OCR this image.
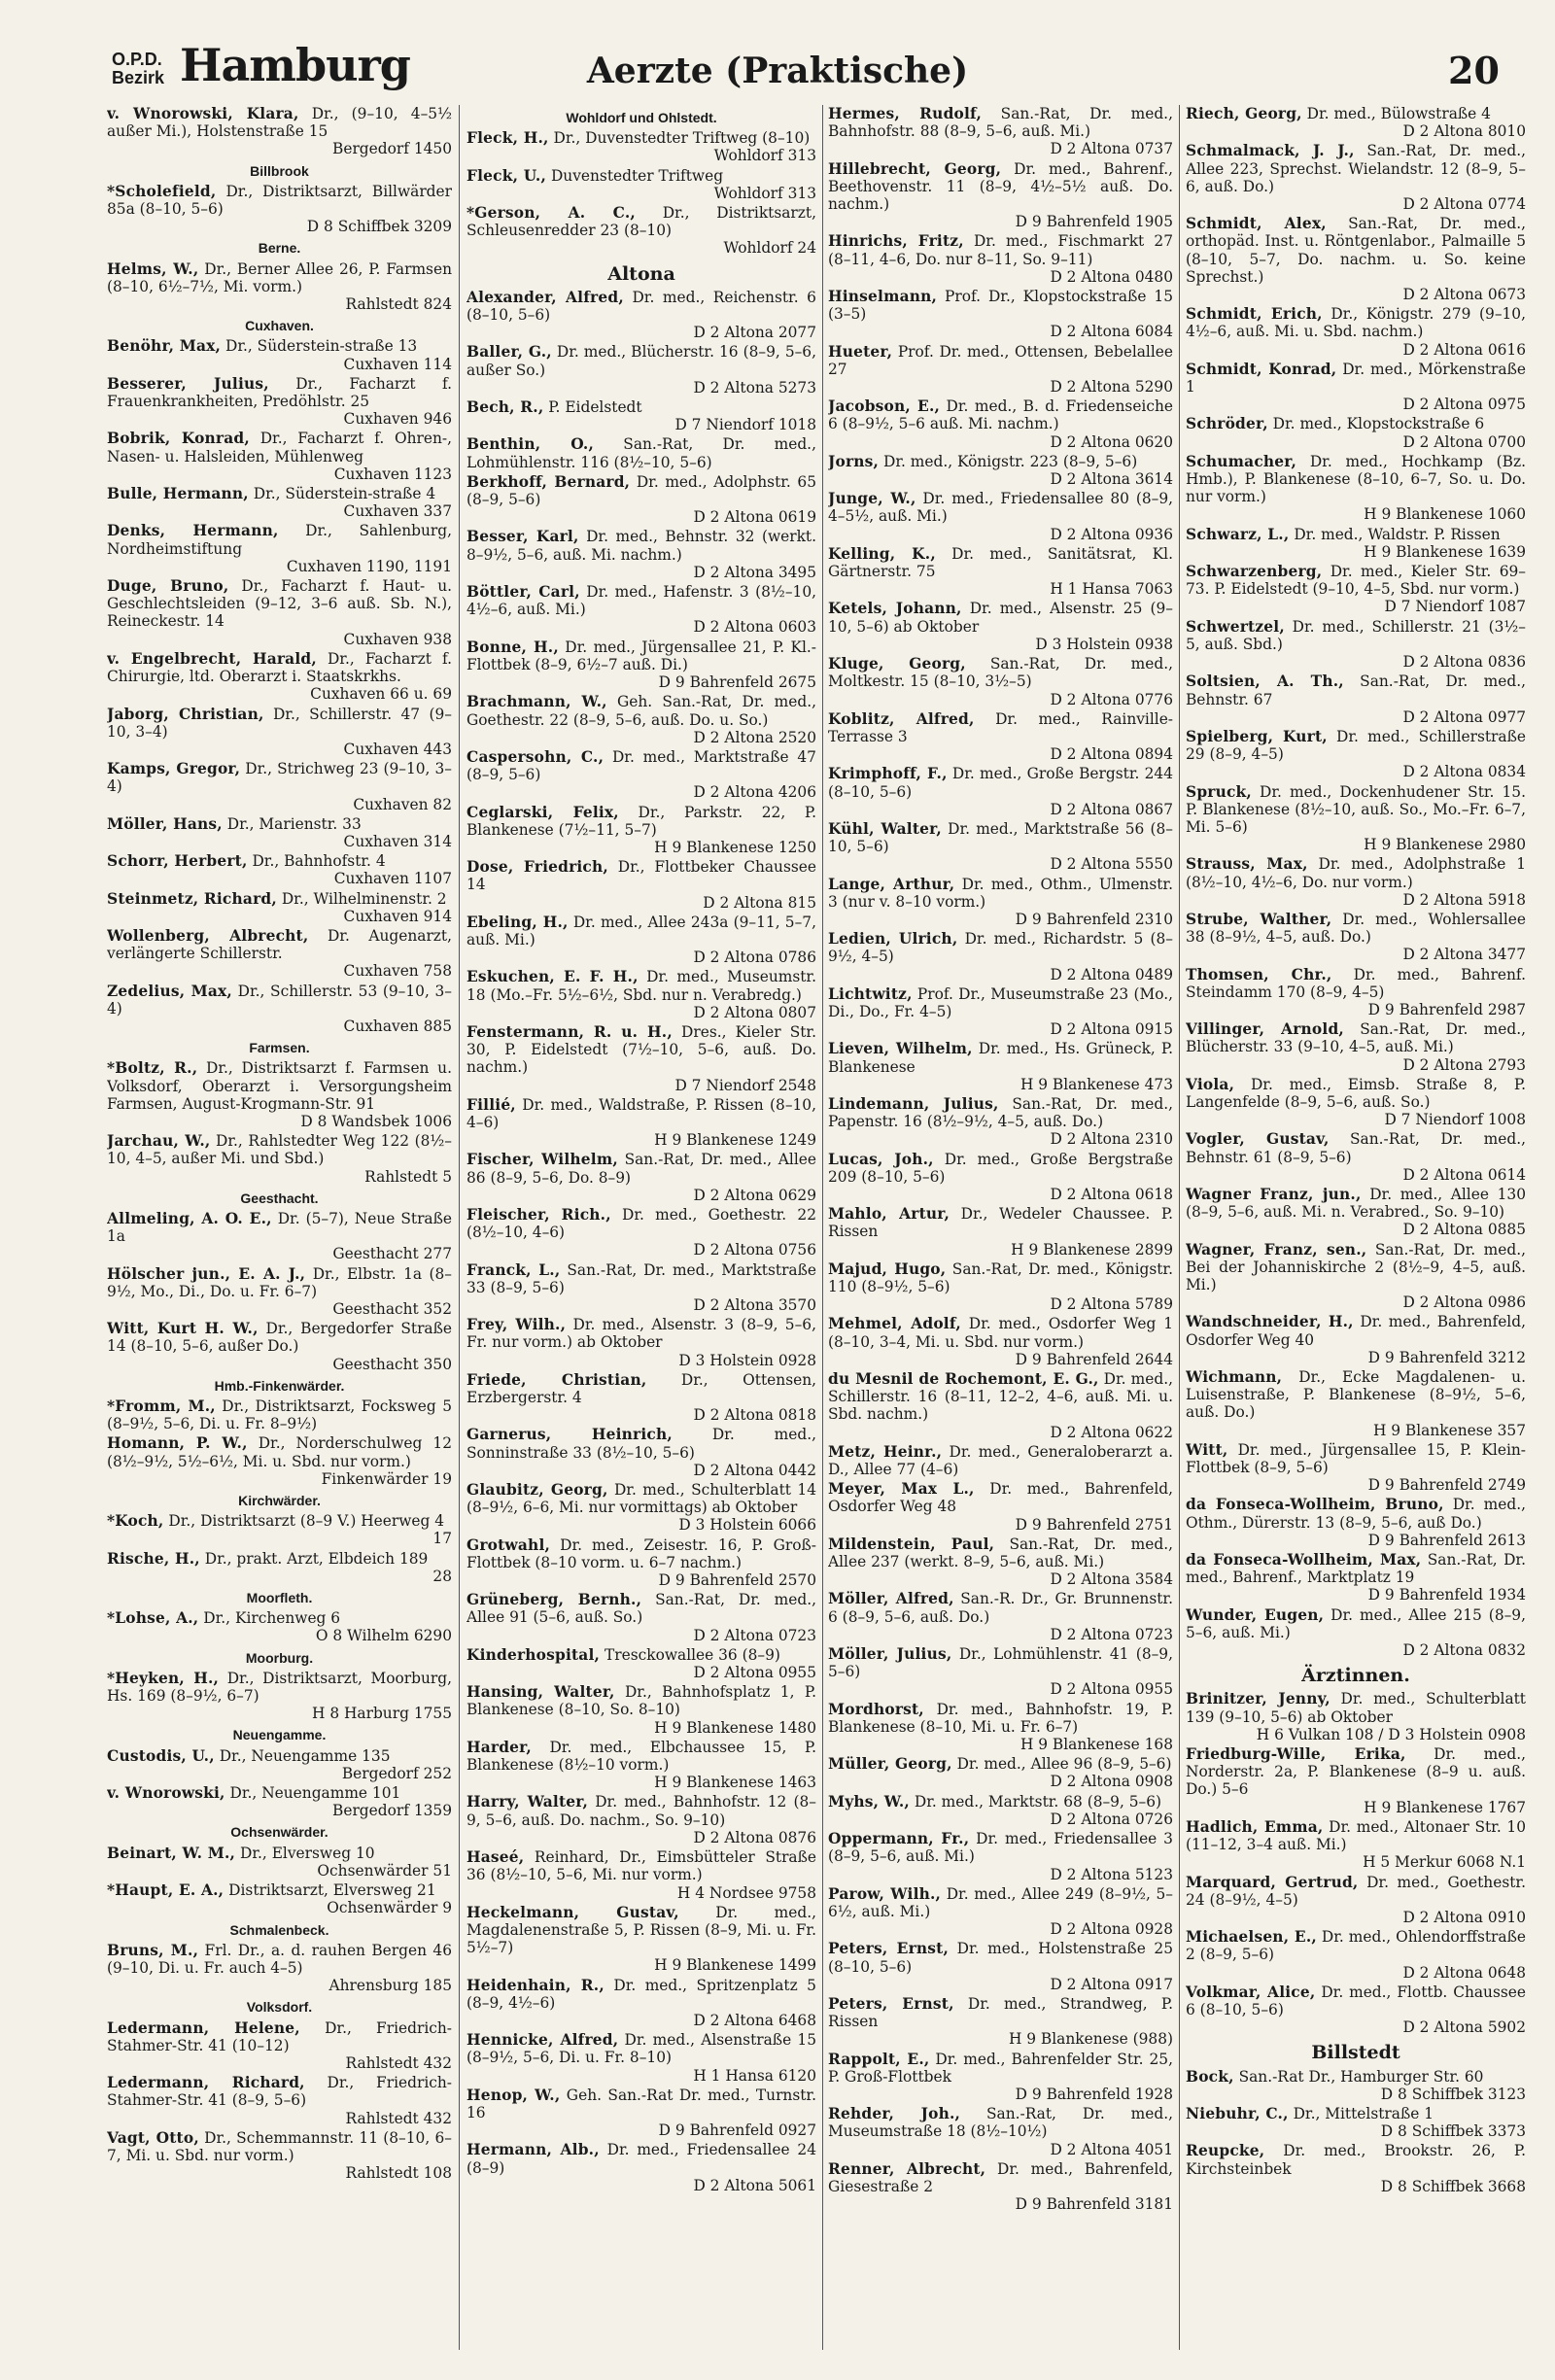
O.P.D.
Bezirk Hamburg	Aerzte (Praktische)	20
v. Wnorowski, Klara, Dr., (9–10, 4–5½ außer Mi.), Holstenstraße 15
Bergedorf 1450
Billbrook
*Scholefield, Dr., Distriktsarzt, Billwärder 85a (8–10, 5–6)
D 8 Schiffbek 3209
Berne.
Helms, W., Dr., Berner Allee 26, P. Farmsen (8–10, 6½–7½, Mi. vorm.)
Rahlstedt 824
Cuxhaven.
Benöhr, Max, Dr., Süderstein-straße 13
Cuxhaven 114
Besserer, Julius, Dr., Facharzt f. Frauenkrankheiten, Predöhlstr. 25
Cuxhaven 946
Bobrik, Konrad, Dr., Facharzt f. Ohren-, Nasen- u. Halsleiden, Mühlenweg
Cuxhaven 1123
Bulle, Hermann, Dr., Süderstein-straße 4
Cuxhaven 337
Denks, Hermann, Dr., Sahlenburg, Nordheimstiftung
Cuxhaven 1190, 1191
Duge, Bruno, Dr., Facharzt f. Haut- u. Geschlechtsleiden (9–12, 3–6 auß. Sb. N.), Reineckestr. 14
Cuxhaven 938
v. Engelbrecht, Harald, Dr., Facharzt f. Chirurgie, ltd. Oberarzt i. Staatskrkhs.
Cuxhaven 66 u. 69
Jaborg, Christian, Dr., Schillerstr. 47 (9–10, 3–4)
Cuxhaven 443
Kamps, Gregor, Dr., Strichweg 23 (9–10, 3–4)
Cuxhaven 82
Möller, Hans, Dr., Marienstr. 33
Cuxhaven 314
Schorr, Herbert, Dr., Bahnhofstr. 4
Cuxhaven 1107
Steinmetz, Richard, Dr., Wilhelminenstr. 2
Cuxhaven 914
Wollenberg, Albrecht, Dr. Augenarzt, verlängerte Schillerstr.
Cuxhaven 758
Zedelius, Max, Dr., Schillerstr. 53 (9–10, 3–4)
Cuxhaven 885
Farmsen.
*Boltz, R., Dr., Distriktsarzt f. Farmsen u. Volksdorf, Oberarzt i. Versorgungsheim Farmsen, August-Krogmann-Str. 91
D 8 Wandsbek 1006
Jarchau, W., Dr., Rahlstedter Weg 122 (8½–10, 4–5, außer Mi. und Sbd.)
Rahlstedt 5
Geesthacht.
Allmeling, A. O. E., Dr. (5–7), Neue Straße 1a
Geesthacht 277
Hölscher jun., E. A. J., Dr., Elbstr. 1a (8–9½, Mo., Di., Do. u. Fr. 6–7)
Geesthacht 352
Witt, Kurt H. W., Dr., Bergedorfer Straße 14 (8–10, 5–6, außer Do.)
Geesthacht 350
Hmb.-Finkenwärder.
*Fromm, M., Dr., Distriktsarzt, Focksweg 5 (8–9½, 5–6, Di. u. Fr. 8–9½)
Homann, P. W., Dr., Norderschulweg 12 (8½–9½, 5½–6½, Mi. u. Sbd. nur vorm.)
Finkenwärder 19
Kirchwärder.
*Koch, Dr., Distriktsarzt (8–9 V.) Heerweg 4
17
Rische, H., Dr., prakt. Arzt, Elbdeich 189
28
Moorfleth.
*Lohse, A., Dr., Kirchenweg 6
O 8 Wilhelm 6290
Moorburg.
*Heyken, H., Dr., Distriktsarzt, Moorburg, Hs. 169 (8–9½, 6–7)
H 8 Harburg 1755
Neuengamme.
Custodis, U., Dr., Neuengamme 135
Bergedorf 252
v. Wnorowski, Dr., Neuengamme 101
Bergedorf 1359
Ochsenwärder.
Beinart, W. M., Dr., Elversweg 10
Ochsenwärder 51
*Haupt, E. A., Distriktsarzt, Elversweg 21
Ochsenwärder 9
Schmalenbeck.
Bruns, M., Frl. Dr., a. d. rauhen Bergen 46 (9–10, Di. u. Fr. auch 4–5)
Ahrensburg 185
Volksdorf.
Ledermann, Helene, Dr., Friedrich-Stahmer-Str. 41 (10–12)
Rahlstedt 432
Ledermann, Richard, Dr., Friedrich-Stahmer-Str. 41 (8–9, 5–6)
Rahlstedt 432
Vagt, Otto, Dr., Schemmannstr. 11 (8–10, 6–7, Mi. u. Sbd. nur vorm.)
Rahlstedt 108
Wohldorf und Ohlstedt.
Fleck, H., Dr., Duvenstedter Triftweg (8–10)
Wohldorf 313
Fleck, U., Duvenstedter Triftweg
Wohldorf 313
*Gerson, A. C., Dr., Distriktsarzt, Schleusenredder 23 (8–10)
Wohldorf 24
Altona
Alexander, Alfred, Dr. med., Reichenstr. 6 (8–10, 5–6)
D 2 Altona 2077
Baller, G., Dr. med., Blücherstr. 16 (8–9, 5–6, außer So.)
D 2 Altona 5273
Bech, R., P. Eidelstedt
D 7 Niendorf 1018
Benthin, O., San.-Rat, Dr. med., Lohmühlenstr. 116 (8½–10, 5–6)
Berkhoff, Bernard, Dr. med., Adolphstr. 65 (8–9, 5–6)
D 2 Altona 0619
Besser, Karl, Dr. med., Behnstr. 32 (werkt. 8–9½, 5–6, auß. Mi. nachm.)
D 2 Altona 3495
Böttler, Carl, Dr. med., Hafenstr. 3 (8½–10, 4½–6, auß. Mi.)
D 2 Altona 0603
Bonne, H., Dr. med., Jürgensallee 21, P. Kl.-Flottbek (8–9, 6½–7 auß. Di.)
D 9 Bahrenfeld 2675
Brachmann, W., Geh. San.-Rat, Dr. med., Goethestr. 22 (8–9, 5–6, auß. Do. u. So.)
D 2 Altona 2520
Caspersohn, C., Dr. med., Marktstraße 47 (8–9, 5–6)
D 2 Altona 4206
Ceglarski, Felix, Dr., Parkstr. 22, P. Blankenese (7½–11, 5–7)
H 9 Blankenese 1250
Dose, Friedrich, Dr., Flottbeker Chaussee 14
D 2 Altona 815
Ebeling, H., Dr. med., Allee 243a (9–11, 5–7, auß. Mi.)
D 2 Altona 0786
Eskuchen, E. F. H., Dr. med., Museumstr. 18 (Mo.–Fr. 5½–6½, Sbd. nur n. Verabredg.)
D 2 Altona 0807
Fenstermann, R. u. H., Dres., Kieler Str. 30, P. Eidelstedt (7½–10, 5–6, auß. Do. nachm.)
D 7 Niendorf 2548
Fillié, Dr. med., Waldstraße, P. Rissen (8–10, 4–6)
H 9 Blankenese 1249
Fischer, Wilhelm, San.-Rat, Dr. med., Allee 86 (8–9, 5–6, Do. 8–9)
D 2 Altona 0629
Fleischer, Rich., Dr. med., Goethestr. 22 (8½–10, 4–6)
D 2 Altona 0756
Franck, L., San.-Rat, Dr. med., Marktstraße 33 (8–9, 5–6)
D 2 Altona 3570
Frey, Wilh., Dr. med., Alsenstr. 3 (8–9, 5–6, Fr. nur vorm.) ab Oktober
D 3 Holstein 0928
Friede, Christian, Dr., Ottensen, Erzbergerstr. 4
D 2 Altona 0818
Garnerus, Heinrich,	Dr. med., Sonninstraße 33 (8½–10, 5–6)
D 2 Altona 0442
Glaubitz, Georg, Dr. med., Schulterblatt 14 (8–9½, 6–6, Mi. nur vormittags) ab Oktober
D 3 Holstein 6066
Grotwahl, Dr. med., Zeisestr. 16, P. Groß-Flottbek (8–10 vorm. u. 6–7 nachm.)
D 9 Bahrenfeld 2570
Grüneberg, Bernh., San.-Rat, Dr. med., Allee 91 (5–6, auß. So.)
D 2 Altona 0723
Kinderhospital, Tresckowallee 36 (8–9)
D 2 Altona 0955
Hansing, Walter, Dr., Bahnhofsplatz 1, P. Blankenese (8–10, So. 8–10)
H 9 Blankenese 1480
Harder, Dr. med., Elbchaussee 15, P. Blankenese (8½–10 vorm.)
H 9 Blankenese 1463
Harry, Walter, Dr. med., Bahnhofstr. 12 (8–9, 5–6, auß. Do. nachm., So. 9–10)
D 2 Altona 0876
Haseé, Reinhard, Dr., Eimsbütteler Straße 36 (8½–10, 5–6, Mi. nur vorm.)
H 4 Nordsee 9758
Heckelmann, Gustav, Dr. med., Magdalenenstraße 5, P. Rissen (8–9, Mi. u. Fr. 5½–7)
H 9 Blankenese 1499
Heidenhain, R., Dr. med., Spritzenplatz 5 (8–9, 4½–6)
D 2 Altona 6468
Hennicke, Alfred, Dr. med., Alsenstraße 15 (8–9½, 5–6, Di. u. Fr. 8–10)
H 1 Hansa 6120
Henop, W., Geh. San.-Rat Dr. med., Turnstr. 16
D 9 Bahrenfeld 0927
Hermann, Alb., Dr. med., Friedensallee 24 (8–9)
D 2 Altona 5061
Hermes, Rudolf, San.-Rat, Dr. med., Bahnhofstr. 88 (8–9, 5–6, auß. Mi.)
D 2 Altona 0737
Hillebrecht, Georg, Dr. med., Bahrenf., Beethovenstr. 11 (8–9, 4½–5½ auß. Do. nachm.)
D 9 Bahrenfeld 1905
Hinrichs, Fritz, Dr. med., Fischmarkt 27 (8–11, 4–6, Do. nur 8–11, So. 9–11)
D 2 Altona 0480
Hinselmann, Prof. Dr., Klopstockstraße 15 (3–5)
D 2 Altona 6084
Hueter, Prof. Dr. med., Ottensen, Bebelallee 27
D 2 Altona 5290
Jacobson, E., Dr. med., B. d. Friedenseiche 6 (8–9½, 5–6 auß. Mi. nachm.)
D 2 Altona 0620
Jorns, Dr. med., Königstr. 223 (8–9, 5–6)
D 2 Altona 3614
Junge, W., Dr. med., Friedensallee 80 (8–9, 4–5½, auß. Mi.)
D 2 Altona 0936
Kelling, K., Dr. med., Sanitätsrat, Kl. Gärtnerstr. 75
H 1 Hansa 7063
Ketels, Johann, Dr. med., Alsenstr. 25 (9–10, 5–6) ab Oktober
D 3 Holstein 0938
Kluge, Georg, San.-Rat, Dr. med., Moltkestr. 15 (8–10, 3½–5)
D 2 Altona 0776
Koblitz, Alfred, Dr. med., Rainville-Terrasse 3
D 2 Altona 0894
Krimphoff, F., Dr. med., Große Bergstr. 244 (8–10, 5–6)
D 2 Altona 0867
Kühl, Walter, Dr. med., Marktstraße 56 (8–10, 5–6)
D 2 Altona 5550
Lange, Arthur, Dr. med., Othm., Ulmenstr. 3 (nur v. 8–10 vorm.)
D 9 Bahrenfeld 2310
Ledien, Ulrich, Dr. med., Richardstr. 5 (8–9½, 4–5)
D 2 Altona 0489
Lichtwitz, Prof. Dr., Museumstraße 23 (Mo., Di., Do., Fr. 4–5)
D 2 Altona 0915
Lieven, Wilhelm, Dr. med., Hs. Grüneck, P. Blankenese
H 9 Blankenese 473
Lindemann, Julius, San.-Rat, Dr. med., Papenstr. 16 (8½–9½, 4–5, auß. Do.)
D 2 Altona 2310
Lucas, Joh., Dr. med., Große Bergstraße 209 (8–10, 5–6)
D 2 Altona 0618
Mahlo, Artur, Dr., Wedeler Chaussee. P. Rissen
H 9 Blankenese 2899
Majud, Hugo, San.-Rat, Dr. med., Königstr. 110 (8–9½, 5–6)
D 2 Altona 5789
Mehmel, Adolf, Dr. med., Osdorfer Weg 1 (8–10, 3–4, Mi. u. Sbd. nur vorm.)
D 9 Bahrenfeld 2644
du Mesnil de Rochemont, E. G., Dr. med., Schillerstr. 16 (8–11, 12–2, 4–6, auß. Mi. u. Sbd. nachm.)
D 2 Altona 0622
Metz, Heinr., Dr. med., Generaloberarzt a. D., Allee 77 (4–6)
Meyer, Max L., Dr. med., Bahrenfeld, Osdorfer Weg 48
D 9 Bahrenfeld 2751
Mildenstein, Paul, San.-Rat, Dr. med., Allee 237 (werkt. 8–9, 5–6, auß. Mi.)
D 2 Altona 3584
Möller, Alfred, San.-R. Dr., Gr. Brunnenstr. 6 (8–9, 5–6, auß. Do.)
D 2 Altona 0723
Möller, Julius, Dr., Lohmühlenstr. 41 (8–9, 5–6)
D 2 Altona 0955
Mordhorst, Dr. med., Bahnhofstr. 19, P. Blankenese (8–10, Mi. u. Fr. 6–7)
H 9 Blankenese 168
Müller, Georg, Dr. med., Allee 96 (8–9, 5–6)
D 2 Altona 0908
Myhs, W., Dr. med., Marktstr. 68 (8–9, 5–6)
D 2 Altona 0726
Oppermann, Fr., Dr. med., Friedensallee 3 (8–9, 5–6, auß. Mi.)
D 2 Altona 5123
Parow, Wilh., Dr. med., Allee 249 (8–9½, 5–6½, auß. Mi.)
D 2 Altona 0928
Peters, Ernst, Dr. med., Holstenstraße 25 (8–10, 5–6)
D 2 Altona 0917
Peters, Ernst, Dr. med., Strandweg, P. Rissen
H 9 Blankenese (988)
Rappolt, E., Dr. med., Bahrenfelder Str. 25, P. Groß-Flottbek
D 9 Bahrenfeld 1928
Rehder, Joh., San.-Rat, Dr. med., Museumstraße 18 (8½–10½)
D 2 Altona 4051
Renner, Albrecht, Dr. med., Bahrenfeld, Giesestraße 2
D 9 Bahrenfeld 3181
Riech, Georg, Dr. med., Bülowstraße 4
D 2 Altona 8010
Schmalmack, J. J., San.-Rat, Dr. med., Allee 223, Sprechst. Wielandstr. 12 (8–9, 5–6, auß. Do.)
D 2 Altona 0774
Schmidt, Alex, San.-Rat, Dr. med., orthopäd. Inst. u. Röntgenlabor., Palmaille 5 (8–10, 5–7, Do. nachm. u. So. keine Sprechst.)
D 2 Altona 0673
Schmidt, Erich, Dr., Königstr. 279 (9–10, 4½–6, auß. Mi. u. Sbd. nachm.)
D 2 Altona 0616
Schmidt, Konrad, Dr. med., Mörkenstraße 1
D 2 Altona 0975
Schröder, Dr. med., Klopstockstraße 6
D 2 Altona 0700
Schumacher, Dr. med., Hochkamp (Bz. Hmb.), P. Blankenese (8–10, 6–7, So. u. Do. nur vorm.)
H 9 Blankenese 1060
Schwarz, L., Dr. med., Waldstr. P. Rissen
H 9 Blankenese 1639
Schwarzenberg, Dr. med., Kieler Str. 69–73. P. Eidelstedt (9–10, 4–5, Sbd. nur vorm.)
D 7 Niendorf 1087
Schwertzel, Dr. med., Schillerstr. 21 (3½–5, auß. Sbd.)
D 2 Altona 0836
Soltsien, A. Th., San.-Rat, Dr. med., Behnstr. 67
D 2 Altona 0977
Spielberg, Kurt, Dr. med., Schillerstraße 29 (8–9, 4–5)
D 2 Altona 0834
Spruck, Dr. med., Dockenhudener Str. 15. P. Blankenese (8½–10, auß. So., Mo.–Fr. 6–7, Mi. 5–6)
H 9 Blankenese 2980
Strauss, Max, Dr. med., Adolphstraße 1 (8½–10, 4½–6, Do. nur vorm.)
D 2 Altona 5918
Strube, Walther, Dr. med., Wohlersallee 38 (8–9½, 4–5, auß. Do.)
D 2 Altona 3477
Thomsen, Chr., Dr. med., Bahrenf. Steindamm 170 (8–9, 4–5)
D 9 Bahrenfeld 2987
Villinger, Arnold, San.-Rat, Dr. med., Blücherstr. 33 (9–10, 4–5, auß. Mi.)
D 2 Altona 2793
Viola, Dr. med., Eimsb. Straße 8, P. Langenfelde (8–9, 5–6, auß. So.)
D 7 Niendorf 1008
Vogler, Gustav, San.-Rat, Dr. med., Behnstr. 61 (8–9, 5–6)
D 2 Altona 0614
Wagner Franz, jun., Dr. med., Allee 130 (8–9, 5–6, auß. Mi. n. Verabred., So. 9–10)
D 2 Altona 0885
Wagner, Franz, sen., San.-Rat, Dr. med., Bei der Johanniskirche 2 (8½–9, 4–5, auß. Mi.)
D 2 Altona 0986
Wandschneider, H., Dr. med., Bahrenfeld, Osdorfer Weg 40
D 9 Bahrenfeld 3212
Wichmann, Dr., Ecke Magdalenen- u. Luisenstraße, P. Blankenese (8–9½, 5–6, auß. Do.)
H 9 Blankenese 357
Witt, Dr. med., Jürgensallee 15, P. Klein-Flottbek (8–9, 5–6)
D 9 Bahrenfeld 2749
da Fonseca-Wollheim, Bruno, Dr. med., Othm., Dürerstr. 13 (8–9, 5–6, auß Do.)
D 9 Bahrenfeld 2613
da Fonseca-Wollheim, Max, San.-Rat, Dr. med., Bahrenf., Marktplatz 19
D 9 Bahrenfeld 1934
Wunder, Eugen, Dr. med., Allee 215 (8–9, 5–6, auß. Mi.)
D 2 Altona 0832
Ärztinnen.
Brinitzer, Jenny, Dr. med., Schulterblatt 139 (9–10, 5–6) ab Oktober
H 6 Vulkan 108 / D 3 Holstein 0908
Friedburg-Wille, Erika, Dr. med., Norderstr. 2a, P. Blankenese (8–9 u. auß. Do.) 5–6
H 9 Blankenese 1767
Hadlich, Emma, Dr. med., Altonaer Str. 10 (11–12, 3–4 auß. Mi.)
H 5 Merkur 6068 N.1
Marquard, Gertrud, Dr. med., Goethestr. 24 (8–9½, 4–5)
D 2 Altona 0910
Michaelsen, E., Dr. med., Ohlendorffstraße 2 (8–9, 5–6)
D 2 Altona 0648
Volkmar, Alice, Dr. med., Flottb. Chaussee 6 (8–10, 5–6)
D 2 Altona 5902
Billstedt
Bock, San.-Rat Dr., Hamburger Str. 60
D 8 Schiffbek 3123
Niebuhr, C., Dr., Mittelstraße 1
D 8 Schiffbek 3373
Reupcke, Dr. med., Brookstr. 26, P. Kirchsteinbek
D 8 Schiffbek 3668
